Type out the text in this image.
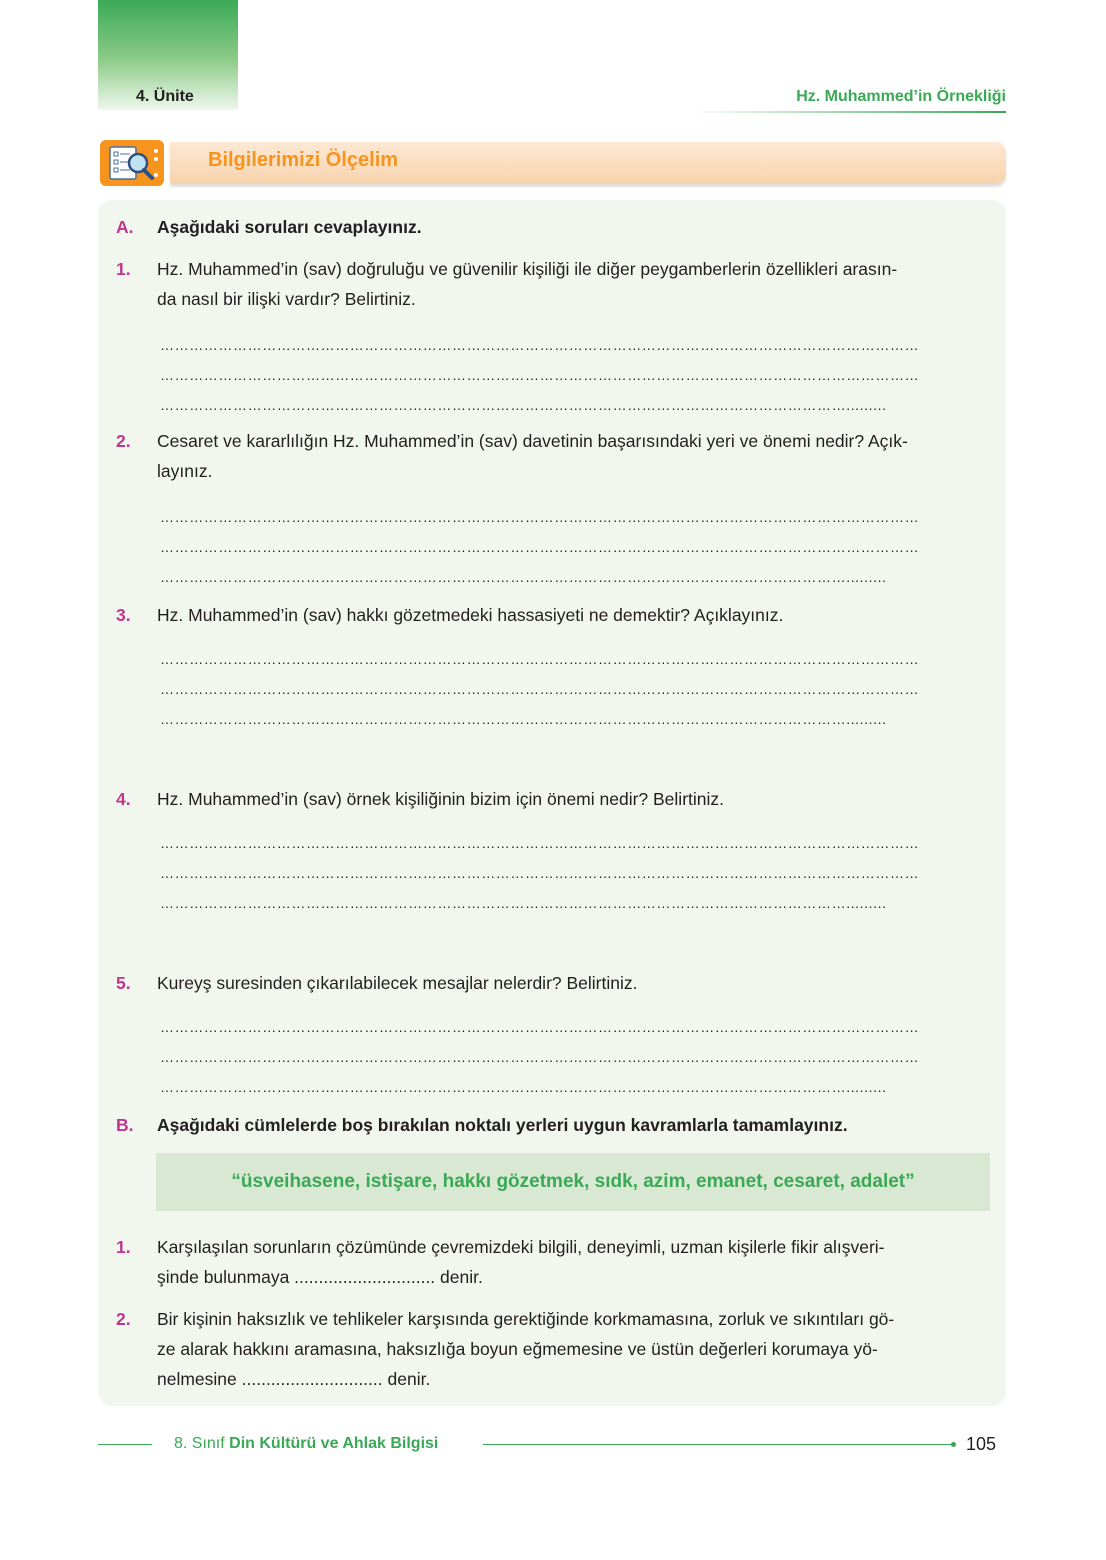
4. Ünite	Hz. Muhammed’in Örnekliği
Bilgilerimizi Ölçelim
A. Aşağıdaki soruları cevaplayınız.
1. Hz. Muhammed’in (sav) doğruluğu ve güvenilir kişiliği ile diğer peygamberlerin özellikleri arasın-
da nasıl bir ilişki vardır? Belirtiniz.
…………………………………………………………………………………………………………………………………………
…………………………………………………………………………………………………………………………………………
…………………………………………………………………………………………………………………………….........
2. Cesaret ve kararlılığın Hz. Muhammed’in (sav) davetinin başarısındaki yeri ve önemi nedir? Açık-
layınız.
…………………………………………………………………………………………………………………………………………
…………………………………………………………………………………………………………………………………………
…………………………………………………………………………………………………………………………….........
3. Hz. Muhammed’in (sav) hakkı gözetmedeki hassasiyeti ne demektir? Açıklayınız.
…………………………………………………………………………………………………………………………………………
…………………………………………………………………………………………………………………………………………
…………………………………………………………………………………………………………………………….........
4. Hz. Muhammed’in (sav) örnek kişiliğinin bizim için önemi nedir? Belirtiniz.
…………………………………………………………………………………………………………………………………………
…………………………………………………………………………………………………………………………………………
…………………………………………………………………………………………………………………………….........
5. Kureyş suresinden çıkarılabilecek mesajlar nelerdir? Belirtiniz.
…………………………………………………………………………………………………………………………………………
…………………………………………………………………………………………………………………………………………
…………………………………………………………………………………………………………………………….........
B. Aşağıdaki cümlelerde boş bırakılan noktalı yerleri uygun kavramlarla tamamlayınız.
“üsveihasene, istişare, hakkı gözetmek, sıdk, azim, emanet, cesaret, adalet”
1. Karşılaşılan sorunların çözümünde çevremizdeki bilgili, deneyimli, uzman kişilerle fikir alışveri-
şinde bulunmaya ............................. denir.
2. Bir kişinin haksızlık ve tehlikeler karşısında gerektiğinde korkmamasına, zorluk ve sıkıntıları gö-
ze alarak hakkını aramasına, haksızlığa boyun eğmemesine ve üstün değerleri korumaya yö-
nelmesine ............................. denir.
8. Sınıf Din Kültürü ve Ahlak Bilgisi	105
